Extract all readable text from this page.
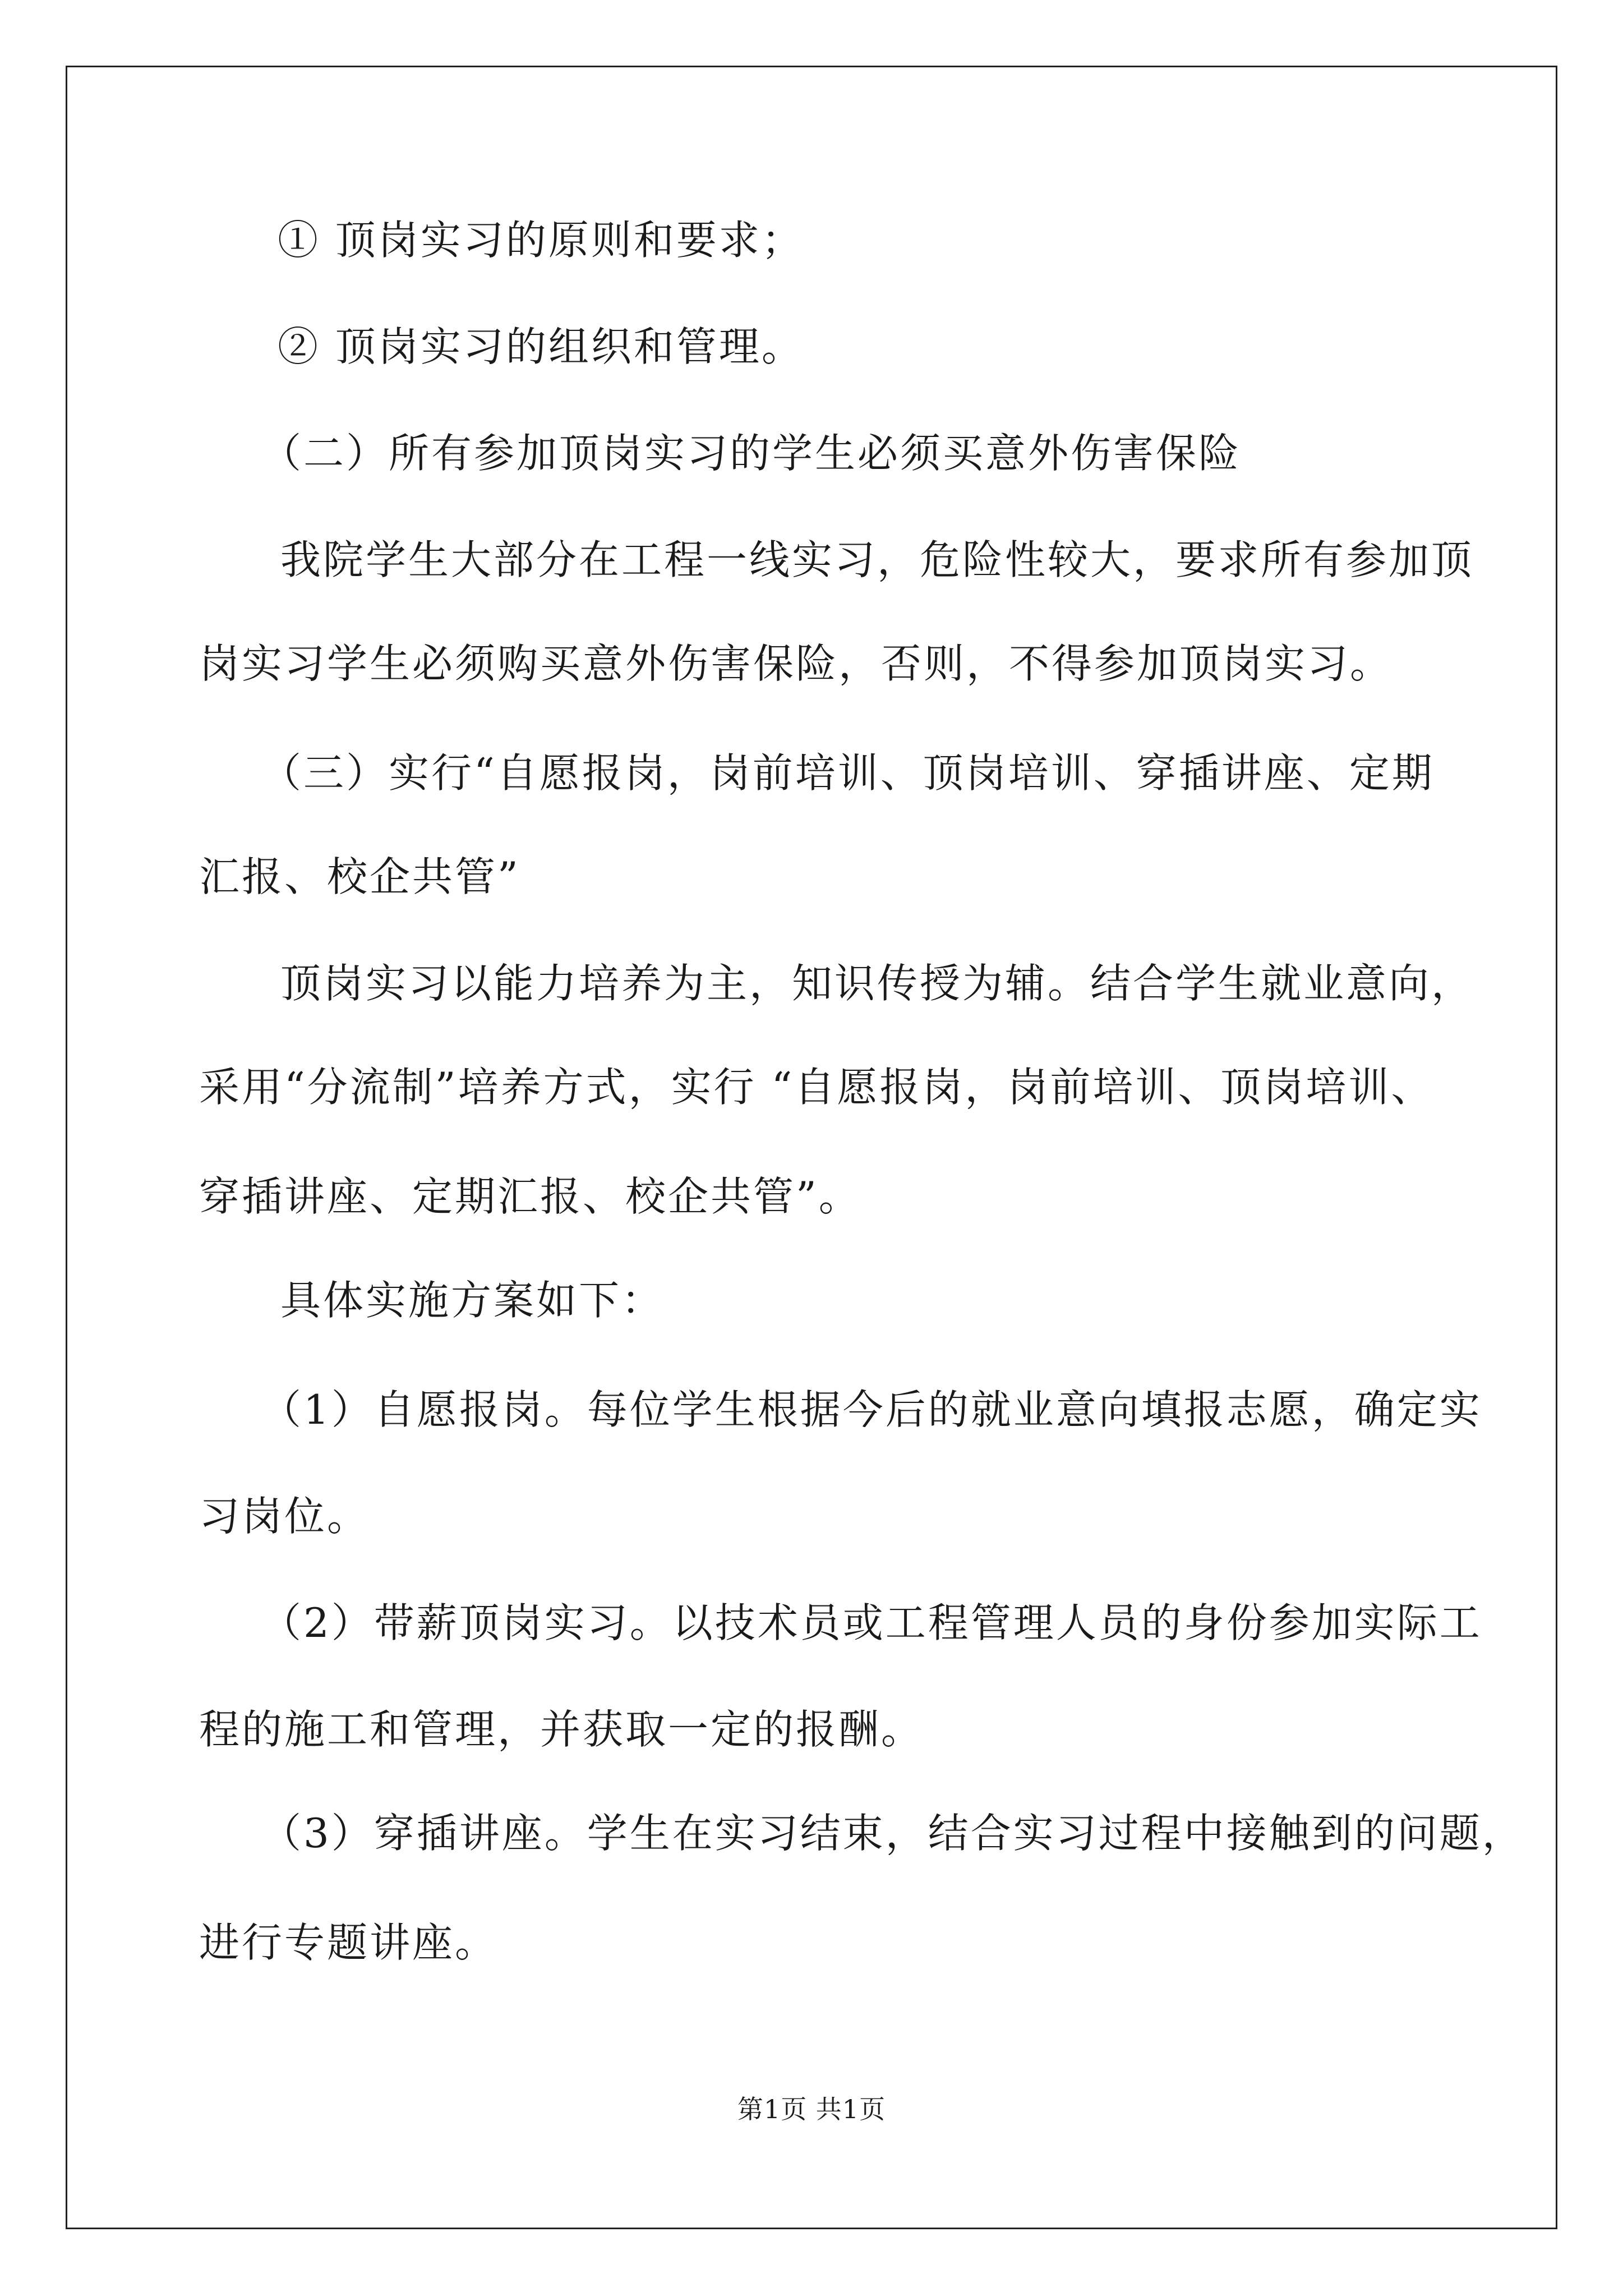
① 顶岗实习的原则和要求；
② 顶岗实习的组织和管理。
（二）所有参加顶岗实习的学生必须买意外伤害保险
我院学生大部分在工程一线实习，危险性较大，要求所有参加顶
岗实习学生必须购买意外伤害保险，否则，不得参加顶岗实习。
（三）实行“自愿报岗，岗前培训、顶岗培训、穿插讲座、定期
汇报、校企共管”
顶岗实习以能力培养为主，知识传授为辅。结合学生就业意向，
采用“分流制”培养方式，实行 “自愿报岗，岗前培训、顶岗培训、
穿插讲座、定期汇报、校企共管”。
具体实施方案如下：
（1）自愿报岗。每位学生根据今后的就业意向填报志愿，确定实
习岗位。
（2）带薪顶岗实习。以技术员或工程管理人员的身份参加实际工
程的施工和管理，并获取一定的报酬。
（3）穿插讲座。学生在实习结束，结合实习过程中接触到的问题，
进行专题讲座。
第1页 共1页
